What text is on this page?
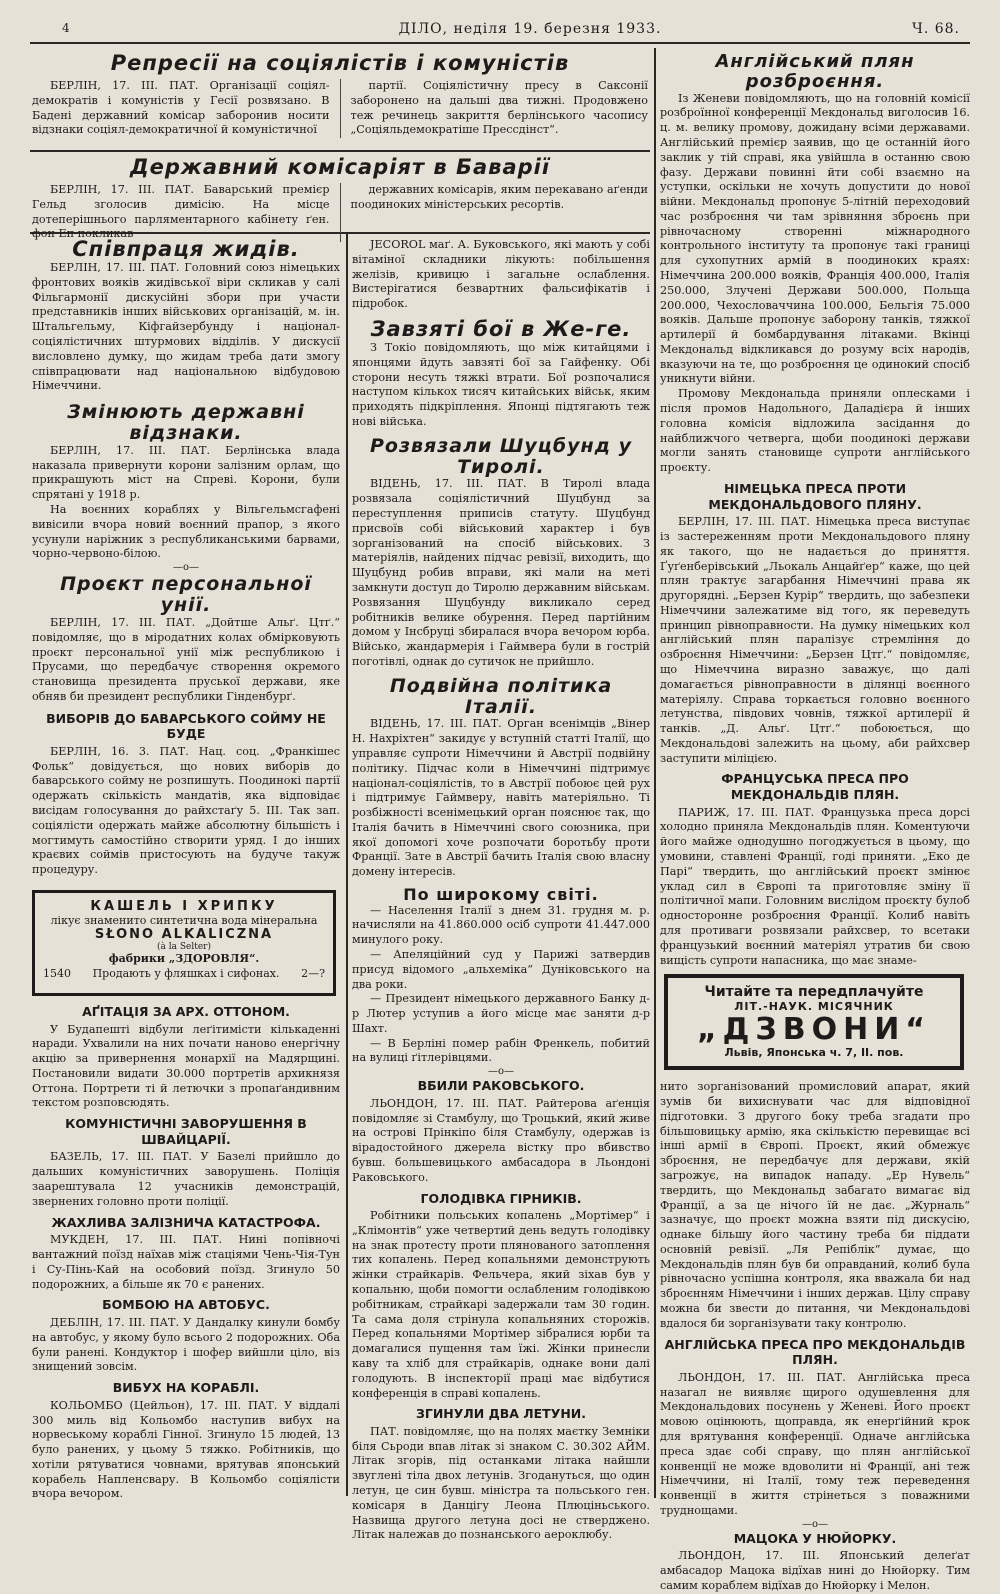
4	ДІЛО, неділя 19. березня 1933.	Ч. 68.
Репресії на соціялістів і комуністів

БЕРЛІН, 17. III. ПАТ. Організації соціял-демократів і комуністів у Гесії розвязано. В Бадені державний комісар заборонив носити відзнаки соціял-демократичної й комуністичної

партії. Соціялістичну пресу в Саксонії заборонено на дальші два тижні. Продовжено теж речинець закриття берлінського часопису „Соціяльдемократіше Прессдінст“.

Державний комісаріят в Баварії

БЕРЛІН, 17. III. ПАТ. Баварський премієр Гельд зголосив димісію. На місце дотеперішнього парляментарного кабінету ґен. фон Еп покликав

державних комісарів, яким перекавано аґенди поодиноких міністерських ресортів.

Співпраця жидів.

БЕРЛІН, 17. III. ПАТ. Головний союз німецьких фронтових вояків жидівської віри скликав у салі Фільгармонії дискусійні збори при участи представників інших військових організацій, м. ін. Штальгельму, Кіфгайзербунду і націонал-соціялістичних штурмових відділів. У дискусії висловлено думку, що жидам треба дати змогу співпрацювати над національною відбудовою Німеччини.

Змінюють державні відзнаки.

БЕРЛІН, 17. III. ПАТ. Берлінська влада наказала привернути корони залізним орлам, що прикрашують міст на Спреві. Корони, були спрятані у 1918 р.

На воєнних кораблях у Вільгельмсгафені вивісили вчора новий воєнний прапор, з якого усунули наріжник з республиканськими барвами, чорно-червоно-білою.

—o—
Проєкт персональної унії.

БЕРЛІН, 17. III. ПАТ. „Дойтше Альґ. Цтґ.“ повідомляє, що в міродатних колах обмірковують проєкт персональної унії між республикою і Прусами, що передбачує створення окремого становища президента пруської держави, яке обняв би президент республики Гінденбурґ.

ВИБОРІВ ДО БАВАРСЬКОГО СОЙМУ НЕ БУДЕ

БЕРЛІН, 16. 3. ПАТ. Нац. соц. „Франкішес Фольк“ довідується, що нових виборів до баварського сойму не розпишуть. Поодинокі партії одержать скількість мандатів, яка відповідає висідам голосування до райхстаґу 5. III. Так зап. соціялісти одержать майже абсолютну більшість і могтимуть самостійно створити уряд. І до інших краєвих соймів пристосують на будуче такуж процедуру.

КАШЕЛЬ І ХРИПКУ
лікує знаменито синтетична вода мінеральна
SŁONO ALKALICZNA
(à la Selter)
фабрики „ЗДОРОВЛЯ“.
1540 Продають у фляшках і сифонах. 2—?
АҐІТАЦІЯ ЗА АРХ. ОТТОНОМ.

У Будапешті відбули леґітимісти кількаденні наради. Ухвалили на них почати наново енергічну акцію за привернення монархії на Мадярщині. Постановили видати 30.000 портретів архикнязя Оттона. Портрети ті й летючки з пропаґандивним текстом розповсюдять.

КОМУНІСТИЧНІ ЗАВОРУШЕННЯ В ШВАЙЦАРІЇ.

БАЗЕЛЬ, 17. III. ПАТ. У Базелі прийшло до дальших комуністичних заворушень. Поліція заарештувала 12 учасників демонстрацій, звернених головно проти поліції.

ЖАХЛИВА ЗАЛІЗНИЧА КАТАСТРОФА.

МУКДЕН, 17. III. ПАТ. Нині попівночі вантажний поїзд наїхав між стаціями Чень-Чія-Тун і Су-Пінь-Кай на особовий поїзд. Згинуло 50 подорожних, а більше як 70 є ранених.

БОМБОЮ НА АВТОБУС.

ДЕБЛІН, 17. III. ПАТ. У Дандалку кинули бомбу на автобус, у якому було всього 2 подорожних. Оба були ранені. Кондуктор і шофер вийшли ціло, віз знищений зовсім.

ВИБУХ НА КОРАБЛІ.

КОЛЬОМБО (Цейльон), 17. III. ПАТ. У віддалі 300 миль від Кольомбо наступив вибух на норвеському кораблі Гінної. Згинуло 15 людей, 13 було ранених, у цьому 5 тяжко. Робітників, що хотіли рятуватися човнами, врятував японський корабель Напленсвару. В Кольомбо соціялісти вчора вечором.

JECOROL маґ. А. Буковського, які мають у собі вітаміної складники лікують: побільшення желізів, кривицю і загальне ослаблення. Вистерігатися безвартних фальсифікатів і підробок.

Завзяті бої в Же-ге.

З Токіо повідомляють, що між китайцями і японцями йдуть завзяті бої за Гайфенку. Обі сторони несуть тяжкі втрати. Бої розпочалися наступом кількох тисяч китайських військ, яким приходять підкріплення. Японці підтягають теж нові війська.

Розвязали Шуцбунд у Тиролі.

ВІДЕНЬ, 17. III. ПАТ. В Тиролі влада розвязала соціялістичний Шуцбунд за переступлення приписів статуту. Шуцбунд присвоїв собі військовий характер і був зорганізований на спосіб військових. З матеріялів, найдених підчас ревізії, виходить, що Шуцбунд робив вправи, які мали на меті замкнути доступ до Тиролю державним військам. Розвязання Шуцбунду викликало серед робітників велике обурення. Перед партійним домом у Інсбруці збиралася вчора вечором юрба. Військо, жандармерія і Гаймвера були в гострій поготівлі, однак до сутичок не прийшло.

Подвійна політика Італії.

ВІДЕНЬ, 17. III. ПАТ. Орган всенімців „Вінер Н. Нахріхтен“ закидує у вступній статті Італії, що управляє супроти Німеччини й Австрії подвійну політику. Підчас коли в Німеччині підтримує націонал-соціялістів, то в Австрії побоює цей рух і підтримує Гаймверу, навіть матеріяльно. Ті розбіжності всенімецький орган пояснює так, що Італія бачить в Німеччині свого союзника, при якої допомогі хоче розпочати боротьбу проти Франції. Зате в Австрії бачить Італія свою власну домену інтересів.

По широкому світі.

— Населення Італії з днем 31. грудня м. р. начисляли на 41.860.000 осіб супроти 41.447.000 минулого року.

— Апеляційний суд у Парижі затвердив присуд відомого „альхеміка“ Дуніковського на два роки.

— Президент німецького державного Банку д-р Лютер уступив а його місце має заняти д-р Шахт.

— В Берліні помер рабін Френкель, побитий на вулиці ґітлерівцями.

—o—
ВБИЛИ РАКОВСЬКОГО.

ЛЬОНДОН, 17. III. ПАТ. Райтерова аґенція повідомляє зі Стамбулу, що Троцький, який живе на острові Прінкіпо біля Стамбулу, одержав із вірадостойного джерела вістку про вбивство бувш. большевицького амбасадора в Льондоні Раковського.

ГОЛОДІВКА ГІРНИКІВ.

Робітники польських копалень „Мортімер“ і „Клімонтів“ уже четвертий день ведуть голодівку на знак протесту проти плянованого затоплення тих копалень. Перед копальнями демонструють жінки страйкарів. Фельчера, який зіхав був у копальню, щоби помогти ослабленим голодівкою робітникам, страйкарі задержали там 30 годин. Та сама доля стрінула копальняних сторожів. Перед копальнями Мортімер зібралися юрби та домагалися пущення там їжі. Жінки принесли каву та хліб для страйкарів, однаке вони далі голодують. В інспекторії праці має відбутися конференція в справі копалень.

ЗГИНУЛИ ДВА ЛЕТУНИ.

ПАТ. повідомляє, що на полях маєтку Земніки біля Сьроди впав літак зі знаком С. 30.302 АЙМ. Літак згорів, під останками літака найшли звуглені тіла двох летунів. Згодануться, що один летун, це син бувш. міністра та польського ген. комісаря в Данцігу Леона Плюціньського. Назвища другого летуна досі не стверджено. Літак належав до познанського аероклюбу.

Англійський плян розброєння.

Із Женеви повідомляють, що на головній комісії розброїнної конференції Мекдональд виголосив 16. ц. м. велику промову, дожидану всіми державами. Англійський премієр заявив, що це останній його заклик у тій справі, яка увійшла в останню свою фазу. Держави повинні йти собі взаємно на уступки, оскільки не хочуть допустити до нової війни. Мекдональд пропонує 5-літній переходовий час розброєння чи там зрівняння зброєнь при рівночасному створенні міжнародного контрольного інституту та пропонує такі границі для сухопутних армій в поодиноких краях: Німеччина 200.000 вояків, Франція 400.000, Італія 250.000, Злучені Держави 500.000, Польща 200.000, Чехословаччина 100.000, Бельгія 75.000 вояків. Дальше пропонує заборону танків, тяжкої артилерії й бомбардування літаками. Вкінці Мекдональд відкликався до розуму всіх народів, вказуючи на те, що розброєння це одинокий спосіб уникнути війни.

Промову Мекдональда приняли оплесками і після промов Надольного, Даладієра й інших головна комісія відложила засідання до найближчого четверга, щоби поодинокі держави могли занять становище супроти англійського проєкту.

НІМЕЦЬКА ПРЕСА ПРОТИ МЕКДОНАЛЬДОВОГО ПЛЯНУ.

БЕРЛІН, 17. III. ПАТ. Німецька преса виступає із застереженням проти Мекдональдового пляну як такого, що не надається до приняття. Ґуґенберівський „Льокаль Анцайґер“ каже, що цей плян трактує загарбання Німеччині права як другорядні. „Берзен Курір“ твердить, що забезпеки Німеччини залежатиме від того, як переведуть принцип рівноправности. На думку німецьких кол англійський плян паралізує стремління до озброєння Німеччини: „Берзен Цтґ.“ повідомляє, що Німеччина виразно заважує, що далі домагається рівноправности в ділянці воєнного матеріялу. Справа торкається головно воєнного летунства, півдових човнів, тяжкої артилерії й танків. „Д. Альґ. Цтґ.“ побоюється, що Мекдональдові залежить на цьому, аби райхсвер заступити міліцією.

ФРАНЦУСЬКА ПРЕСА ПРО МЕКДОНАЛЬДІВ ПЛЯН.

ПАРИЖ, 17. III. ПАТ. Французька преса дорсі холодно приняла Мекдональдів плян. Коментуючи його майже однодушно погоджується в цьому, що умовини, ставлені Франції, годі приняти. „Еко де Парі“ твердить, що англійський проєкт змінює уклад сил в Європі та приготовляє зміну її політичної мапи. Головним вислідом проєкту булоб односторонне розброєння Франції. Колиб навіть для противаги розвязали райхсвер, то всетаки французький воєнний матеріял утратив би свою вищість супроти напасника, що має знаме-

Читайте та передплачуйте
ЛІТ.-НАУК. МІСЯЧНИК
„ДЗВОНИ“
Львів, Японська ч. 7, ІІ. пов.

нито зорганізований промисловий апарат, який зумів би вихиснувати час для відповідної підготовки. З другого боку треба згадати про більшовицьку армію, яка скількістю перевищає всі інші армії в Європі. Проєкт, який обмежує зброєння, не передбачує для держави, якій загрожує, на випадок нападу. „Ер Нувель“ твердить, що Мекдональд забагато вимагає від Франції, а за це нічого їй не дає. „Журналь“ зазначує, що проєкт можна взяти під дискусію, однаке більшу його частину треба би піддати основній ревізії. „Ля Репіблік“ думає, що Мекдональдів плян був би оправданий, колиб була рівночасно успішна контроля, яка вважала би над зброєнням Німеччини і інших держав. Цілу справу можна би звести до питання, чи Мекдональдові вдалося би зорганізувати таку контролю.

АНГЛІЙСЬКА ПРЕСА ПРО МЕКДОНАЛЬДІВ ПЛЯН.

ЛЬОНДОН, 17. III. ПАТ. Англійська преса назагал не виявляє щирого одушевлення для Мекдональдових посунень у Женеві. Його проєкт мовою оцінюють, щоправда, як енерґійний крок для врятування конференції. Одначе англійська преса здає собі справу, що плян англійської конвенції не може вдоволити ні Франції, ані теж Німеччини, ні Італії, тому теж переведення конвенції в життя стрінеться з поважними труднощами.

—o—
МАЦОКА У НЮЙОРКУ.

ЛЬОНДОН, 17. III. Японський делеґат амбасадор Мацока відїхав нині до Нюйорку. Тим самим кораблем відїхав до Нюйорку і Мелон.
